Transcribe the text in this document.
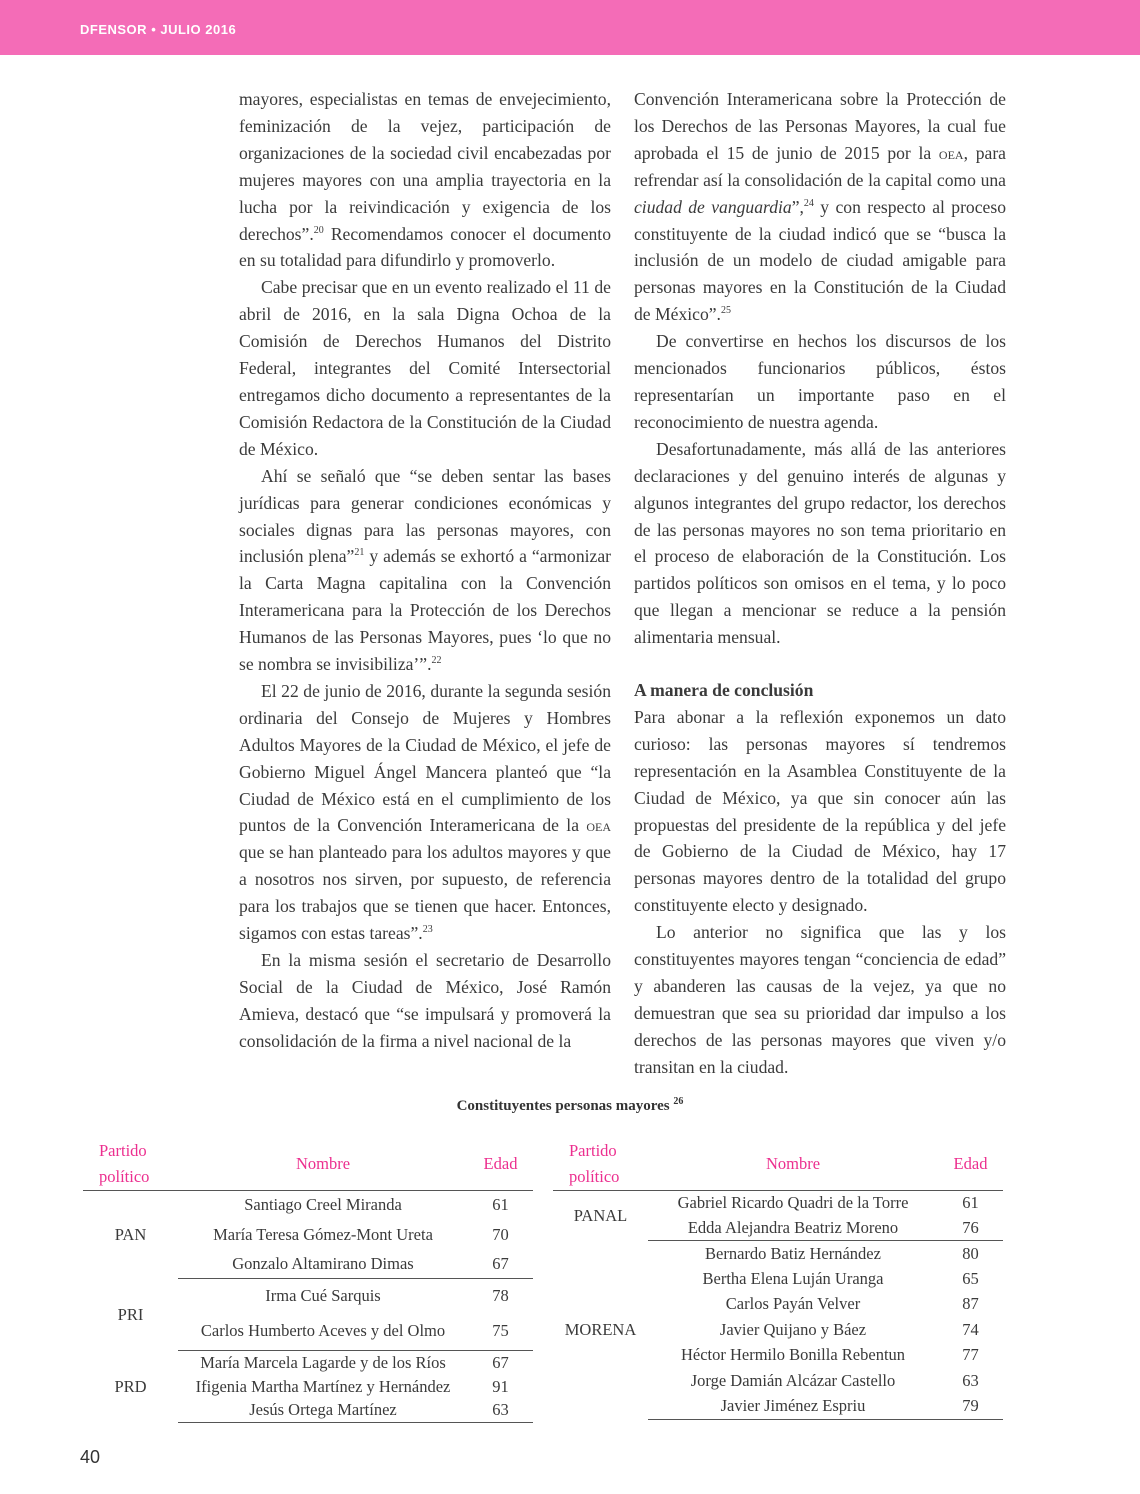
DFENSOR • JULIO 2016

mayores, especialistas en temas de envejecimiento, feminización de la vejez, participación de organizaciones de la sociedad civil encabezadas por mujeres mayores con una amplia trayectoria en la lucha por la reivindicación y exigencia de los derechos”.$^{20}$ Recomendamos conocer el documento en su totalidad para difundirlo y promoverlo.

Cabe precisar que en un evento realizado el 11 de abril de 2016, en la sala Digna Ochoa de la Comisión de Derechos Humanos del Distrito Federal, integrantes del Comité Intersectorial entregamos dicho documento a representantes de la Comisión Redactora de la Constitución de la Ciudad de México.

Ahí se señaló que “se deben sentar las bases jurídicas para generar condiciones económicas y sociales dignas para las personas mayores, con inclusión plena”$^{21}$ y además se exhortó a “armonizar la Carta Magna capitalina con la Convención Interamericana para la Protección de los Derechos Humanos de las Personas Mayores, pues ‘lo que no se nombra se invisibiliza’”.$^{22}$

El 22 de junio de 2016, durante la segunda sesión ordinaria del Consejo de Mujeres y Hombres Adultos Mayores de la Ciudad de México, el jefe de Gobierno Miguel Ángel Mancera planteó que “la Ciudad de México está en el cumplimiento de los puntos de la Convención Interamericana de la oea que se han planteado para los adultos mayores y que a nosotros nos sirven, por supuesto, de referencia para los trabajos que se tienen que hacer. Entonces, sigamos con estas tareas”.$^{23}$

En la misma sesión el secretario de Desarrollo Social de la Ciudad de México, José Ramón Amieva, destacó que “se impulsará y promoverá la consolidación de la firma a nivel nacional de la

Convención Interamericana sobre la Protección de los Derechos de las Personas Mayores, la cual fue aprobada el 15 de junio de 2015 por la oea, para refrendar así la consolidación de la capital como una ciudad de vanguardia”,$^{24}$ y con respecto al proceso constituyente de la ciudad indicó que se “busca la inclusión de un modelo de ciudad amigable para personas mayores en la Constitución de la Ciudad de México”.$^{25}$

De convertirse en hechos los discursos de los mencionados funcionarios públicos, éstos representarían un importante paso en el reconocimiento de nuestra agenda.

Desafortunadamente, más allá de las anteriores declaraciones y del genuino interés de algunas y algunos integrantes del grupo redactor, los derechos de las personas mayores no son tema prioritario en el proceso de elaboración de la Constitución. Los partidos políticos son omisos en el tema, y lo poco que llegan a mencionar se reduce a la pensión alimentaria mensual.

A manera de conclusión

Para abonar a la reflexión exponemos un dato curioso: las personas mayores sí tendremos representación en la Asamblea Constituyente de la Ciudad de México, ya que sin conocer aún las propuestas del presidente de la república y del jefe de Gobierno de la Ciudad de México, hay 17 personas mayores dentro de la totalidad del grupo constituyente electo y designado.

Lo anterior no significa que las y los constituyentes mayores tengan “conciencia de edad” y abanderen las causas de la vejez, ya que no demuestran que sea su prioridad dar impulso a los derechos de las personas mayores que viven y/o transitan en la ciudad.

Constituyentes personas mayores $^{26}$
Partido político	Nombre	Edad
PAN	Santiago Creel Miranda	61
	María Teresa Gómez-Mont Ureta	70
	Gonzalo Altamirano Dimas	67
PRI	Irma Cué Sarquis	78
	Carlos Humberto Aceves y del Olmo	75
PRD	María Marcela Lagarde y de los Ríos	67
	Ifigenia Martha Martínez y Hernández	91
	Jesús Ortega Martínez	63
Partido político	Nombre	Edad
PANAL	Gabriel Ricardo Quadri de la Torre	61
	Edda Alejandra Beatriz Moreno	76
MORENA	Bernardo Batiz Hernández	80
	Bertha Elena Luján Uranga	65
	Carlos Payán Velver	87
	Javier Quijano y Báez	74
	Héctor Hermilo Bonilla Rebentun	77
	Jorge Damián Alcázar Castello	63
	Javier Jiménez Espriu	79
40
